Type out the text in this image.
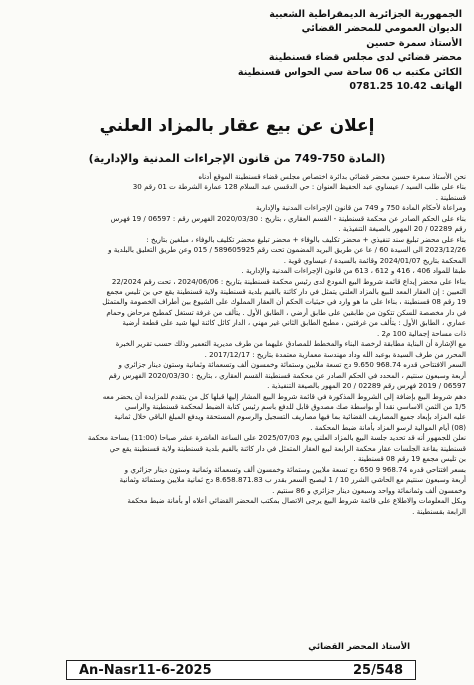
الجمهورية الجزائرية الديمقراطية الشعبية
الديوان العمومي للمحضر القضائي
الأستاذ سمرة حسين
محضر قضائي لدى مجلس قضاء قسنطينة
الكائن مكتبه ب 06 ساحة سي الحواس قسنطينة
الهاتف 10.42 0781.25
إعلان عن بيع عقار بالمزاد العلني
(المادة 750-749 من قانون الإجراءات المدنية والإدارية)

نحن الأستاذ سمرة حسين محضر قضائي بدائرة اختصاص مجلس قضاء قسنطينة الموقع أدناه

بناء على طلب السيد / عيساوي عبد الحفيظ العنوان : حي الدقسي عبد السلام 128 عمارة الشرطة ت 01 رقم 30

قسنطينة .

ومراعاة لأحكام المادة 750 و 749 من قانون الإجراءات المدنية والإدارية

بناء على الحكم الصادر عن محكمة قسنطينة - القسم العقاري ، بتاريخ : 2020/03/30 الفهرس رقم : 06597 / 19 فهرس

رقم 02289 / 20 المهور بالصيغة التنفيذية .

بناء على محضر تبليغ سند تنفيذي + محضر تكليف بالوفاء + محضر تبليغ محضر تكليف بالوفاء ، مبلغين بتاريخ :

2023/12/26 الى السيدة 60 / عا عن طريق البريد المضمون تحت رقم 589605925 / 015 وعن طريق التعليق بالبلدية و

المحكمة بتاريخ 2024/01/07 وقائمة بالسيدة / عيساوي قوية .

طبقا للمواد 406 ، 416 و 612 ، 613 من قانون الإجراءات المدنية والإدارية .

بناءا على محضر إيداع قائمة شروط البيع المودع لدى رئيس محكمة قسنطينة بتاريخ : 2024/06/06 ، تحت رقم 22/2024

التعيين : إن العقار المعد للبيع بالمزاد العلني يتمثل في دار كائنة بالقيم بلدية قسنطينة ولاية قسنطينة يقع حي بن تليس مجمع

19 رقم 08 قسنطينة ، بناءا على ما هو وارد في حيثيات الحكم أن العقار المملوك على الشيوع بين أطراف الخصومة والمتمثل

في دار مخصصة للسكن تتكون من طابقين على طابق أرضي ، الطابق الأول . يتألف من غرفة تستغل كمطبخ مرحاض وحمام

عماري ، الطابق الأول : يتألف من غرفتين ، مطبخ الطابق الثاني غير مهني ، الدار كائل كائنة ليها شيد على قطعة أرضية

ذات مساحة إجمالية 100 م2 .

مع الإشارة أن البناية مطابقة لرخصة البناء والمخطط للمصادق عليهما من طرف مديرية التعمير وذلك حسب تقرير الخبرة

المحرر من طرف السيدة بوعبد الله وداد مهندسة معمارية معتمدة بتاريخ : 2017/12/17 .

السعر الافتتاحي قدره 968.74 9.650 دج تسعة ملايين وستمائة وخمسون ألف وتسعمائة وثمانية وستون دينار جزائري و

أربعة وسبعون سنتيم ، المحدد في الحكم الصادر عن محكمة قسنطينة القسم العقاري ، بتاريخ : 2020/03/30 الفهرس رقم

06597 / 2019 فهرس رقم 02289 / 20 المهور بالصيغة التنفيذية .

دهم شروط البيع بإضافة إلى الشروط المذكورة في قائمة شروط البيع المشار إليها قبلها كل من يتقدم للمزايدة أن يحضر معه

1/5 من الثمن الاساسي نقدا أو بواسطة صك مصدوق قابل للدفع باسم رئيس كتابة الضبط لمحكمة قسنطينة والراسي

عليه المزاد بإبعاد جميع المصاريف القضائية بما فيها مصاريف التسجيل والرسوم المستحقة ويدفع المبلغ الباقي خلال ثمانية

(08) أيام الموالية لرسو المزاد بأمانة ضبط المحكمة .

نعلن للجمهور أنه قد تحديد جلسة البيع بالمزاد العلني يوم 2025/07/03 على الساعة العاشرة عشر صباحا (11:00) بساحة محكمة

قسنطينة بقاعة الجلسات عقار محكمة الرابعة لبيع العقار المتمثل في دار كائنة بالقيم بلدية قسنطينة ولاية قسنطينة يقع حي

بن تليس مجمع 19 رقم 08 قسنطينة .

بسعر افتتاحي قدره 968.74 9 650 دج تسعة ملايين وستمائة وخمسون ألف وتسعمائة وثمانية وستون دينار جزائري و

أربعة وسبعون سنتيم مع الحاشي الشرر 10 / 1 ليصبح السعر بقدر ب 8.658.871.83 دج ثمانية ملايين وستمائة وثمانية

وخمسون ألف وثمانمائة وواحد وسبعون دينار جزائري و 86 سنتيم .

وبكل المعلومات والاطلاع على قائمة شروط البيع يرجى الاتصال بمكتب المحضر القضائي أعلاه أو بأمانة ضبط محكمة

الرابعة بقسنطينة .

الأستاذ المحضر القضائي
An-Nasr11-6-2025	25/548
